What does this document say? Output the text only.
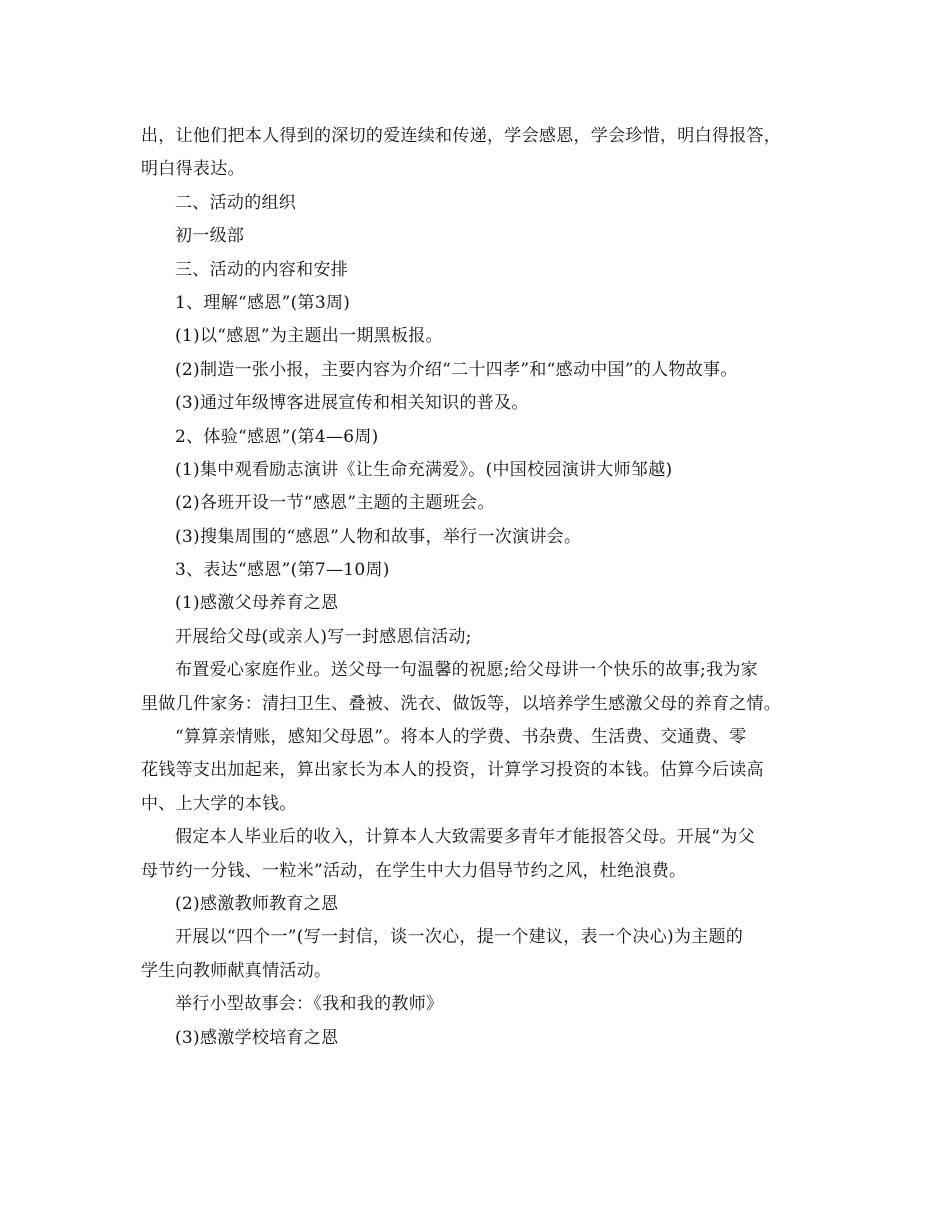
出，让他们把本人得到的深切的爱连续和传递，学会感恩，学会珍惜，明白得报答，
明白得表达。
二、活动的组织
初一级部
三、活动的内容和安排
1、理解“感恩”(第3周)
(1)以“感恩”为主题出一期黑板报。
(2)制造一张小报，主要内容为介绍“二十四孝”和“感动中国”的人物故事。
(3)通过年级博客进展宣传和相关知识的普及。
2、体验“感恩”(第4—6周)
(1)集中观看励志演讲《让生命充满爱》。(中国校园演讲大师邹越)
(2)各班开设一节“感恩”主题的主题班会。
(3)搜集周围的“感恩”人物和故事，举行一次演讲会。
3、表达“感恩”(第7—10周)
(1)感激父母养育之恩
开展给父母(或亲人)写一封感恩信活动;
布置爱心家庭作业。送父母一句温馨的祝愿;给父母讲一个快乐的故事;我为家
里做几件家务：清扫卫生、叠被、洗衣、做饭等，以培养学生感激父母的养育之情。
“算算亲情账，感知父母恩”。将本人的学费、书杂费、生活费、交通费、零
花钱等支出加起来，算出家长为本人的投资，计算学习投资的本钱。估算今后读高
中、上大学的本钱。
假定本人毕业后的收入，计算本人大致需要多青年才能报答父母。开展“为父
母节约一分钱、一粒米”活动，在学生中大力倡导节约之风，杜绝浪费。
(2)感激教师教育之恩
开展以“四个一”(写一封信，谈一次心，提一个建议，表一个决心)为主题的
学生向教师献真情活动。
举行小型故事会：《我和我的教师》
(3)感激学校培育之恩
